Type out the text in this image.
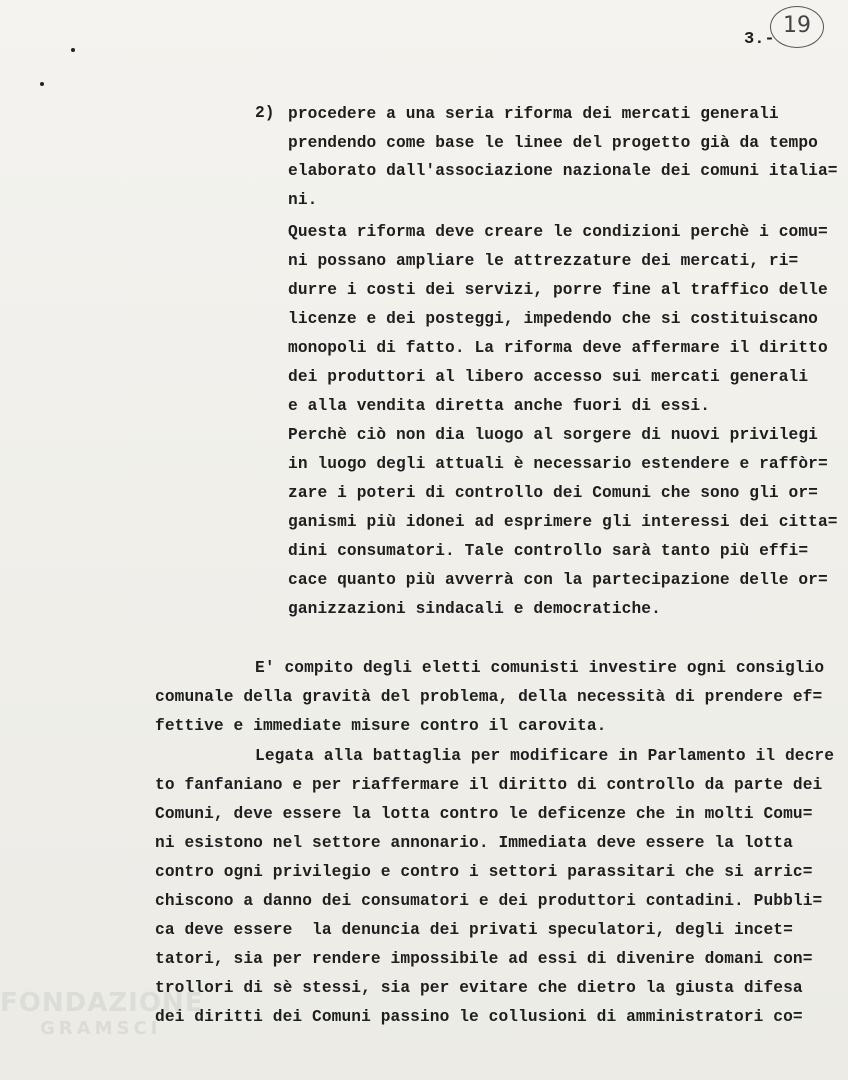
19
3.-
2) procedere a una seria riforma dei mercati generali
prendendo come base le linee del progetto già da tempo
elaborato dall'associazione nazionale dei comuni italia=
ni.
Questa riforma deve creare le condizioni perchè i comu=
ni possano ampliare le attrezzature dei mercati, ri=
durre i costi dei servizi, porre fine al traffico delle
licenze e dei posteggi, impedendo che si costituiscano
monopoli di fatto. La riforma deve affermare il diritto
dei produttori al libero accesso sui mercati generali
e alla vendita diretta anche fuori di essi.
Perchè ciò non dia luogo al sorgere di nuovi privilegi
in luogo degli attuali è necessario estendere e raffòr=
zare i poteri di controllo dei Comuni che sono gli or=
ganismi più idonei ad esprimere gli interessi dei citta=
dini consumatori. Tale controllo sarà tanto più effi=
cace quanto più avverrà con la partecipazione delle or=
ganizzazioni sindacali e democratiche.
E' compito degli eletti comunisti investire ogni consiglio
comunale della gravità del problema, della necessità di prendere ef=
fettive e immediate misure contro il carovita.
Legata alla battaglia per modificare in Parlamento il decre
to fanfaniano e per riaffermare il diritto di controllo da parte dei
Comuni, deve essere la lotta contro le deficenze che in molti Comu=
ni esistono nel settore annonario. Immediata deve essere la lotta
contro ogni privilegio e contro i settori parassitari che si arric=
chiscono a danno dei consumatori e dei produttori contadini. Pubbli=
ca deve essere  la denuncia dei privati speculatori, degli incet=
tatori, sia per rendere impossibile ad essi di divenire domani con=
trollori di sè stessi, sia per evitare che dietro la giusta difesa
dei diritti dei Comuni passino le collusioni di amministratori co=
FONDAZIONE
GRAMSCI
